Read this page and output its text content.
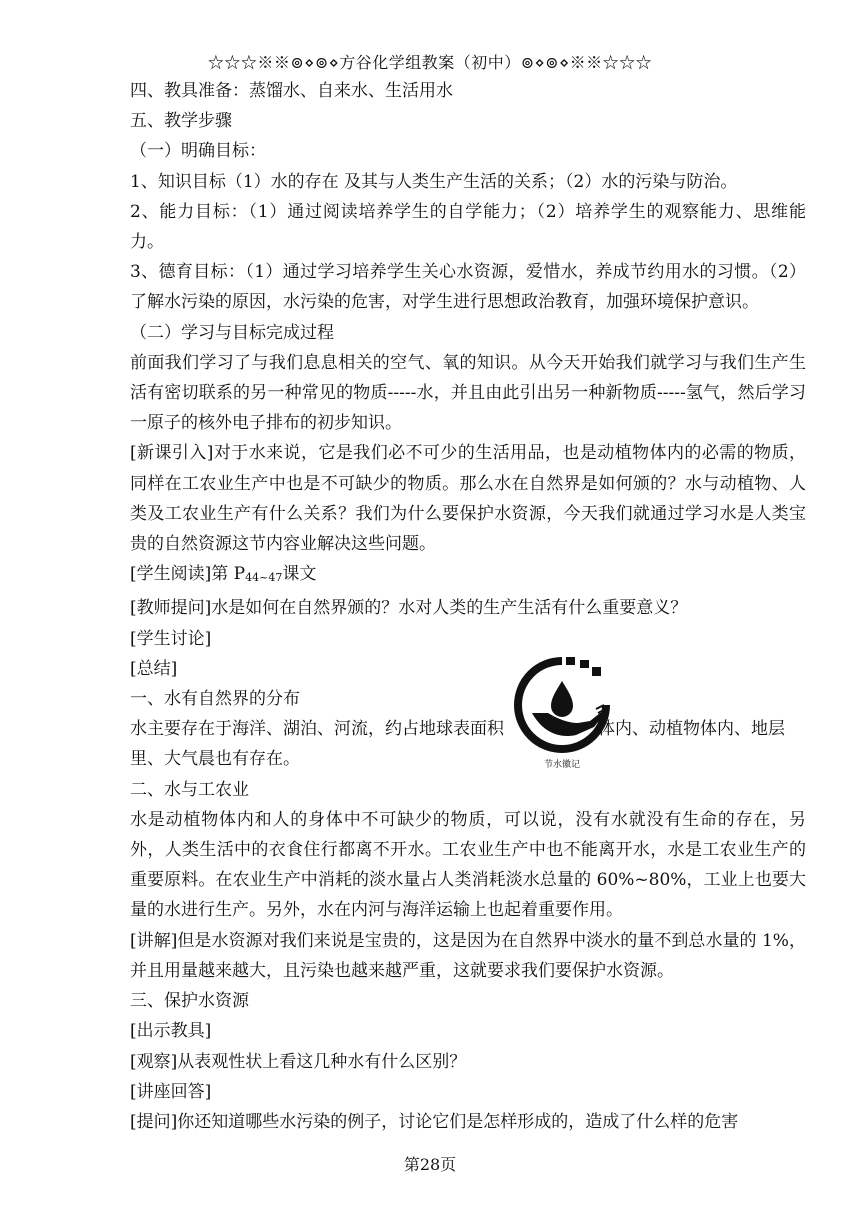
☆☆☆※※⊚⋄⊚⋄方谷化学组教案（初中）⊚⋄⊚⋄※※☆☆☆

四、教具准备：蒸馏水、自来水、生活用水

五、教学步骤

（一）明确目标：

1、知识目标（1）水的存在 及其与人类生产生活的关系；（2）水的污染与防治。

2、能力目标：（1）通过阅读培养学生的自学能力；（2）培养学生的观察能力、思维能力。

3、德育目标：（1）通过学习培养学生关心水资源，爱惜水，养成节约用水的习惯。（2）了解水污染的原因，水污染的危害，对学生进行思想政治教育，加强环境保护意识。

（二）学习与目标完成过程

前面我们学习了与我们息息相关的空气、氧的知识。从今天开始我们就学习与我们生产生活有密切联系的另一种常见的物质-----水，并且由此引出另一种新物质-----氢气，然后学习一原子的核外电子排布的初步知识。

[新课引入]对于水来说，它是我们必不可少的生活用品，也是动植物体内的必需的物质，同样在工农业生产中也是不可缺少的物质。那么水在自然界是如何颁的？水与动植物、人类及工农业生产有什么关系？我们为什么要保护水资源，今天我们就通过学习水是人类宝贵的自然资源这节内容业解决这些问题。

[学生阅读]第 $P_{44\sim 47}$课文

[教师提问]水是如何在自然界颁的？水对人类的生产生活有什么重要意义？

[学生讨论]

[总结]

一、水有自然界的分布

水主要存在于海洋、湖泊、河流，约占地球表面积	体内、动植物体内、地层

里、大气晨也有存在。

二、水与工农业

水是动植物体内和人的身体中不可缺少的物质，可以说，没有水就没有生命的存在，另外，人类生活中的衣食住行都离不开水。工农业生产中也不能离开水，水是工农业生产的重要原料。在农业生产中消耗的淡水量占人类消耗淡水总量的 60%~80%，工业上也要大量的水进行生产。另外，水在内河与海洋运输上也起着重要作用。

[讲解]但是水资源对我们来说是宝贵的，这是因为在自然界中淡水的量不到总水量的 1%，并且用量越来越大，且污染也越来越严重，这就要求我们要保护水资源。

三、保护水资源

[出示教具]

[观察]从表观性状上看这几种水有什么区别？

[讲座回答]

[提问]你还知道哪些水污染的例子，讨论它们是怎样形成的，造成了什么样的危害

节水徽记
第28页
